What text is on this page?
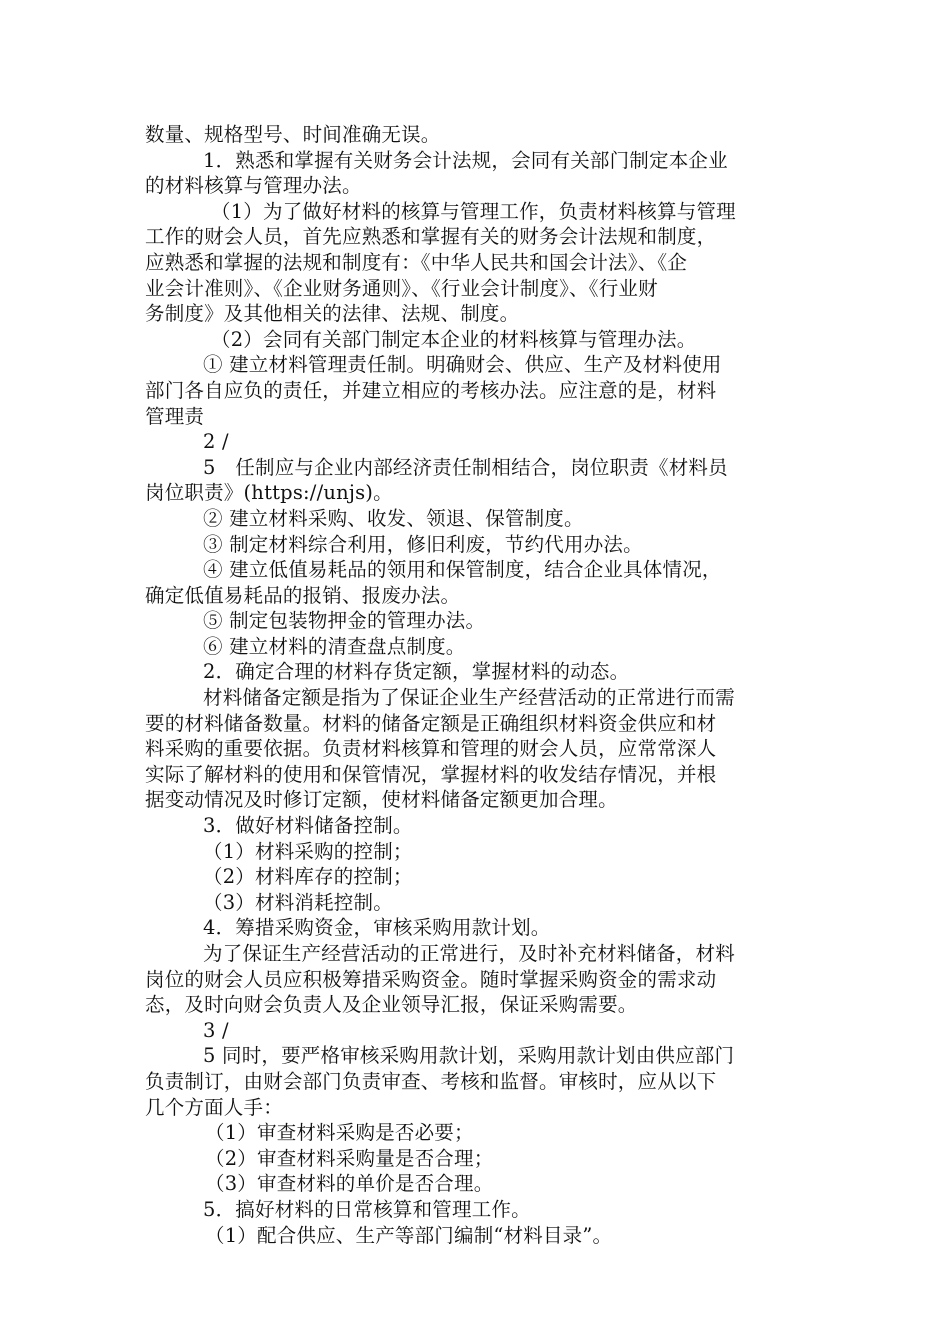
数量、规格型号、时间准确无误。
1．熟悉和掌握有关财务会计法规，会同有关部门制定本企业
的材料核算与管理办法。
（1）为了做好材料的核算与管理工作，负责材料核算与管理
工作的财会人员，首先应熟悉和掌握有关的财务会计法规和制度，
应熟悉和掌握的法规和制度有：《中华人民共和国会计法》、《企
业会计准则》、《企业财务通则》、《行业会计制度》、《行业财
务制度》及其他相关的法律、法规、制度。
（2）会同有关部门制定本企业的材料核算与管理办法。
① 建立材料管理责任制。明确财会、供应、生产及材料使用
部门各自应负的责任，并建立相应的考核办法。应注意的是，材料
管理责
2 /
5　任制应与企业内部经济责任制相结合，岗位职责《材料员
岗位职责》(https://unjs)。
② 建立材料采购、收发、领退、保管制度。
③ 制定材料综合利用，修旧利废，节约代用办法。
④ 建立低值易耗品的领用和保管制度，结合企业具体情况，
确定低值易耗品的报销、报废办法。
⑤ 制定包装物押金的管理办法。
⑥ 建立材料的清查盘点制度。
2．确定合理的材料存货定额，掌握材料的动态。
材料储备定额是指为了保证企业生产经营活动的正常进行而需
要的材料储备数量。材料的储备定额是正确组织材料资金供应和材
料采购的重要依据。负责材料核算和管理的财会人员，应常常深人
实际了解材料的使用和保管情况，掌握材料的收发结存情况，并根
据变动情况及时修订定额，使材料储备定额更加合理。
3．做好材料储备控制。
（1）材料采购的控制；
（2）材料库存的控制；
（3）材料消耗控制。
4．筹措采购资金，审核采购用款计划。
为了保证生产经营活动的正常进行，及时补充材料储备，材料
岗位的财会人员应积极筹措采购资金。随时掌握采购资金的需求动
态，及时向财会负责人及企业领导汇报，保证采购需要。
3 /
5 同时，要严格审核采购用款计划，采购用款计划由供应部门
负责制订，由财会部门负责审查、考核和监督。审核时，应从以下
几个方面人手：
（1）审查材料采购是否必要；
（2）审查材料采购量是否合理；
（3）审查材料的单价是否合理。
5．搞好材料的日常核算和管理工作。
（1）配合供应、生产等部门编制“材料目录”。
